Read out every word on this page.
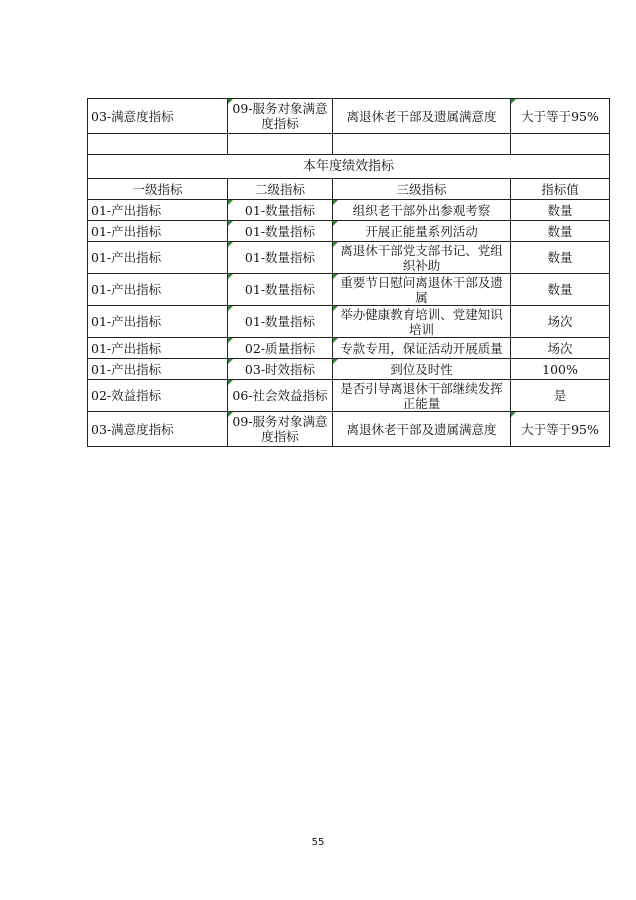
03-满意度指标	09-服务对象满意度指标	离退休老干部及遗属满意度	大于等于95%

本年度绩效指标			
一级指标	二级指标	三级指标	指标值
01-产出指标	01-数量指标	组织老干部外出参观考察	数量
01-产出指标	01-数量指标	开展正能量系列活动	数量
01-产出指标	01-数量指标	离退休干部党支部书记、党组织补助	数量
01-产出指标	01-数量指标	重要节日慰问离退休干部及遗属	数量
01-产出指标	01-数量指标	举办健康教育培训、党建知识培训	场次
01-产出指标	02-质量指标	专款专用，保证活动开展质量	场次
01-产出指标	03-时效指标	到位及时性	100%
02-效益指标	06-社会效益指标	是否引导离退休干部继续发挥正能量	是
03-满意度指标	09-服务对象满意度指标	离退休老干部及遗属满意度	大于等于95%
55
